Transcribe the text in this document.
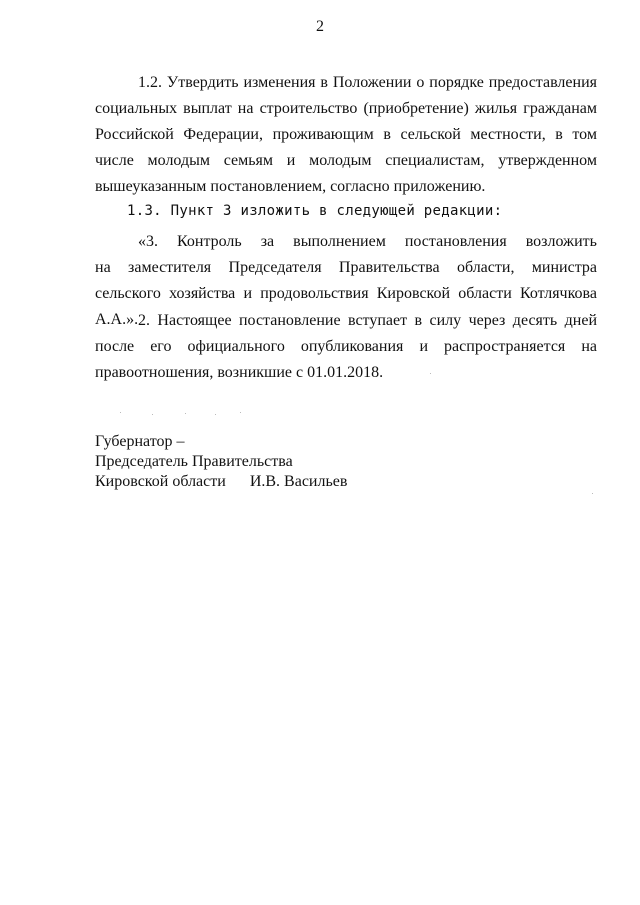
2

1.2. Утвердить изменения в Положении о порядке предоставления социальных выплат на строительство (приобретение) жилья гражданам Российской Федерации, проживающим в сельской местности, в том числе молодым семьям и молодым специалистам, утвержденном вышеуказанным постановлением, согласно приложению.

1.3. Пункт 3 изложить в следующей редакции:
«3. Контроль за выполнением постановления возложить

на заместителя Председателя Правительства области, министра сельского хозяйства и продовольствия Кировской области Котлячкова А.А.». 2. Настоящее постановление вступает в силу через десять дней после его официального опубликования и распространяется на правоотношения, возникшие с 01.01.2018.

Губернатор –
Председатель Правительства
Кировской области И.В. Васильев
